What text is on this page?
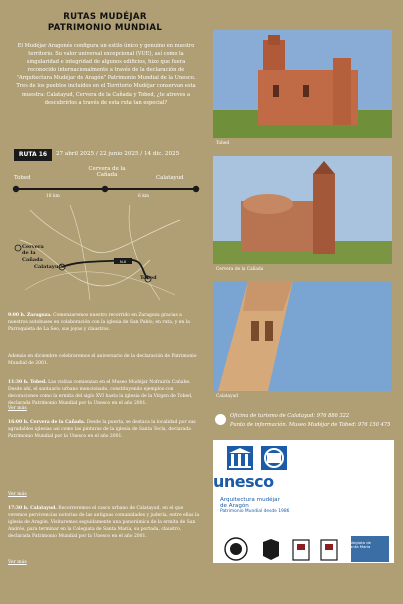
RUTAS MUDÉJAR
PATRIMONIO MUNDIAL

El Mudéjar Aragonés configura un estilo único y genuino en nuestro territorio. Su valor universal excepcional (VUE), así como la singularidad e integridad de algunos edificios, hizo que fuera reconocido internacionalmente a través de la declaración de "Arquitectura Mudéjar de Aragón" Patrimonio Mundial de la Unesco. Tres de los pueblos incluidos en el Territorio Mudéjar conservan esta muestra: Calatayud, Cervera de la Cañada y Tobed, ¿te atreves a descubrirlos a través de esta ruta tan especial?

RUTA 16	27 abril 2025 / 22 junio 2025 / 14 dic. 2025
Tobed
Cervera de la Cañada	Calatayud
18 km	6 km
N-II
Cervera de la Cañada
Calatayud
Tobed

9:00 h. Zaragoza. Comenzaremos nuestro recorrido en Zaragoza gracias a nuestros autobuses en colaboración con la iglesia de San Pablo, en ruta, y en la Parroquieta de La Seo, sus joyas y claustros.

Además en diciembre celebraremos el aniversario de la declaración de Patrimonio Mundial de 2001.

11:30 h. Tobed. Las visitas comienzan en el Museo Mudéjar Nofrairín Cañabe. Desde ahí, el santuario urbano mencionado, constituyendo ejemplos con decoraciones como la ermita del siglo XVI hasta la iglesia de la Virgen de Tobed, declarada Patrimonio Mundial por la Unesco en el año 2001.

Ver más

16:00 h. Cervera de la Cañada. Desde la puerta, se destaca la localidad por sus agradables iglesias así como las pinturas de la iglesia de Santa Tecla, declarada Patrimonio Mundial por la Unesco en el año 2001.

Ver más

17:30 h. Calatayud. Recorreremos el casco urbano de Calatayud, en el que veremos pervivencias notorias de las antiguas comunidades y judería, entre ellas la iglesia de Aragón. Visitaremos seguidamente una panorámica de la ermita de San Andrés, para terminar en la Colegiata de Santa María, su portada, claustro, declarada Patrimonio Mundial por la Unesco en el año 2001.

Ver más
Tobed
Cervera de la Cañada
Calatayud
Oficina de turismo de Calatayud: 976 886 322
Punto de información. Museo Mudéjar de Tobed: 976 150 475
unesco
Arquitectura mudéjar
de Aragón
Patrimonio Mundial desde 1986
Colegiata de Santa María
